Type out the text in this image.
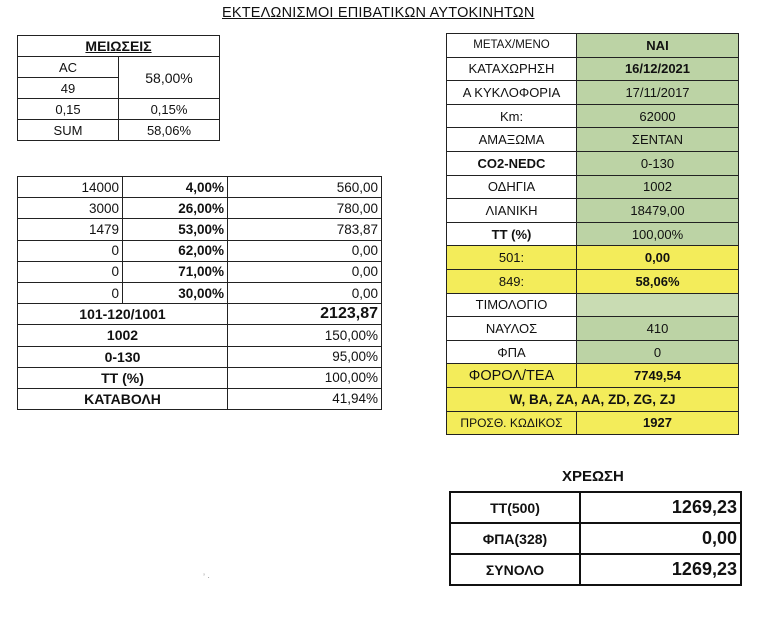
ΕΚΤΕΛΩΝΙΣΜΟΙ ΕΠΙΒΑΤΙΚΩΝ ΑΥΤΟΚΙΝΗΤΩΝ
ΜΕΙΩΣΕΙΣ	
AC	58,00%
49	
0,15	0,15%
SUM	58,06%
14000	4,00%	560,00
3000	26,00%	780,00
1479	53,00%	783,87
0	62,00%	0,00
0	71,00%	0,00
0	30,00%	0,00
101-120/1001		2123,87
1002		150,00%
0-130		95,00%
TT (%)		100,00%
ΚΑΤΑΒΟΛΗ		41,94%
ΜΕΤΑΧ/ΜΕΝΟ	ΝΑΙ
ΚΑΤΑΧΩΡΗΣΗ	16/12/2021
Α ΚΥΚΛΟΦΟΡΙΑ	17/11/2017
Km:	62000
ΑΜΑΞΩΜΑ	ΣΕΝΤΑΝ
CO2-NEDC	0-130
ΟΔΗΓΙΑ	1002
ΛΙΑΝΙΚΗ	18479,00
TT (%)	100,00%
501:	0,00
849:	58,06%
ΤΙΜΟΛΟΓΙΟ	
ΝΑΥΛΟΣ	410
ΦΠΑ	0
ΦΟΡΟΛ/ΤΕΑ	7749,54
W, BA, ZA, AA, ZD, ZG, ZJ	
ΠΡΟΣΘ. ΚΩΔΙΚΟΣ	1927
ΧΡΕΩΣΗ
TT(500)	1269,23
ΦΠΑ(328)	0,00
ΣΥΝΟΛΟ	1269,23
’ ·
